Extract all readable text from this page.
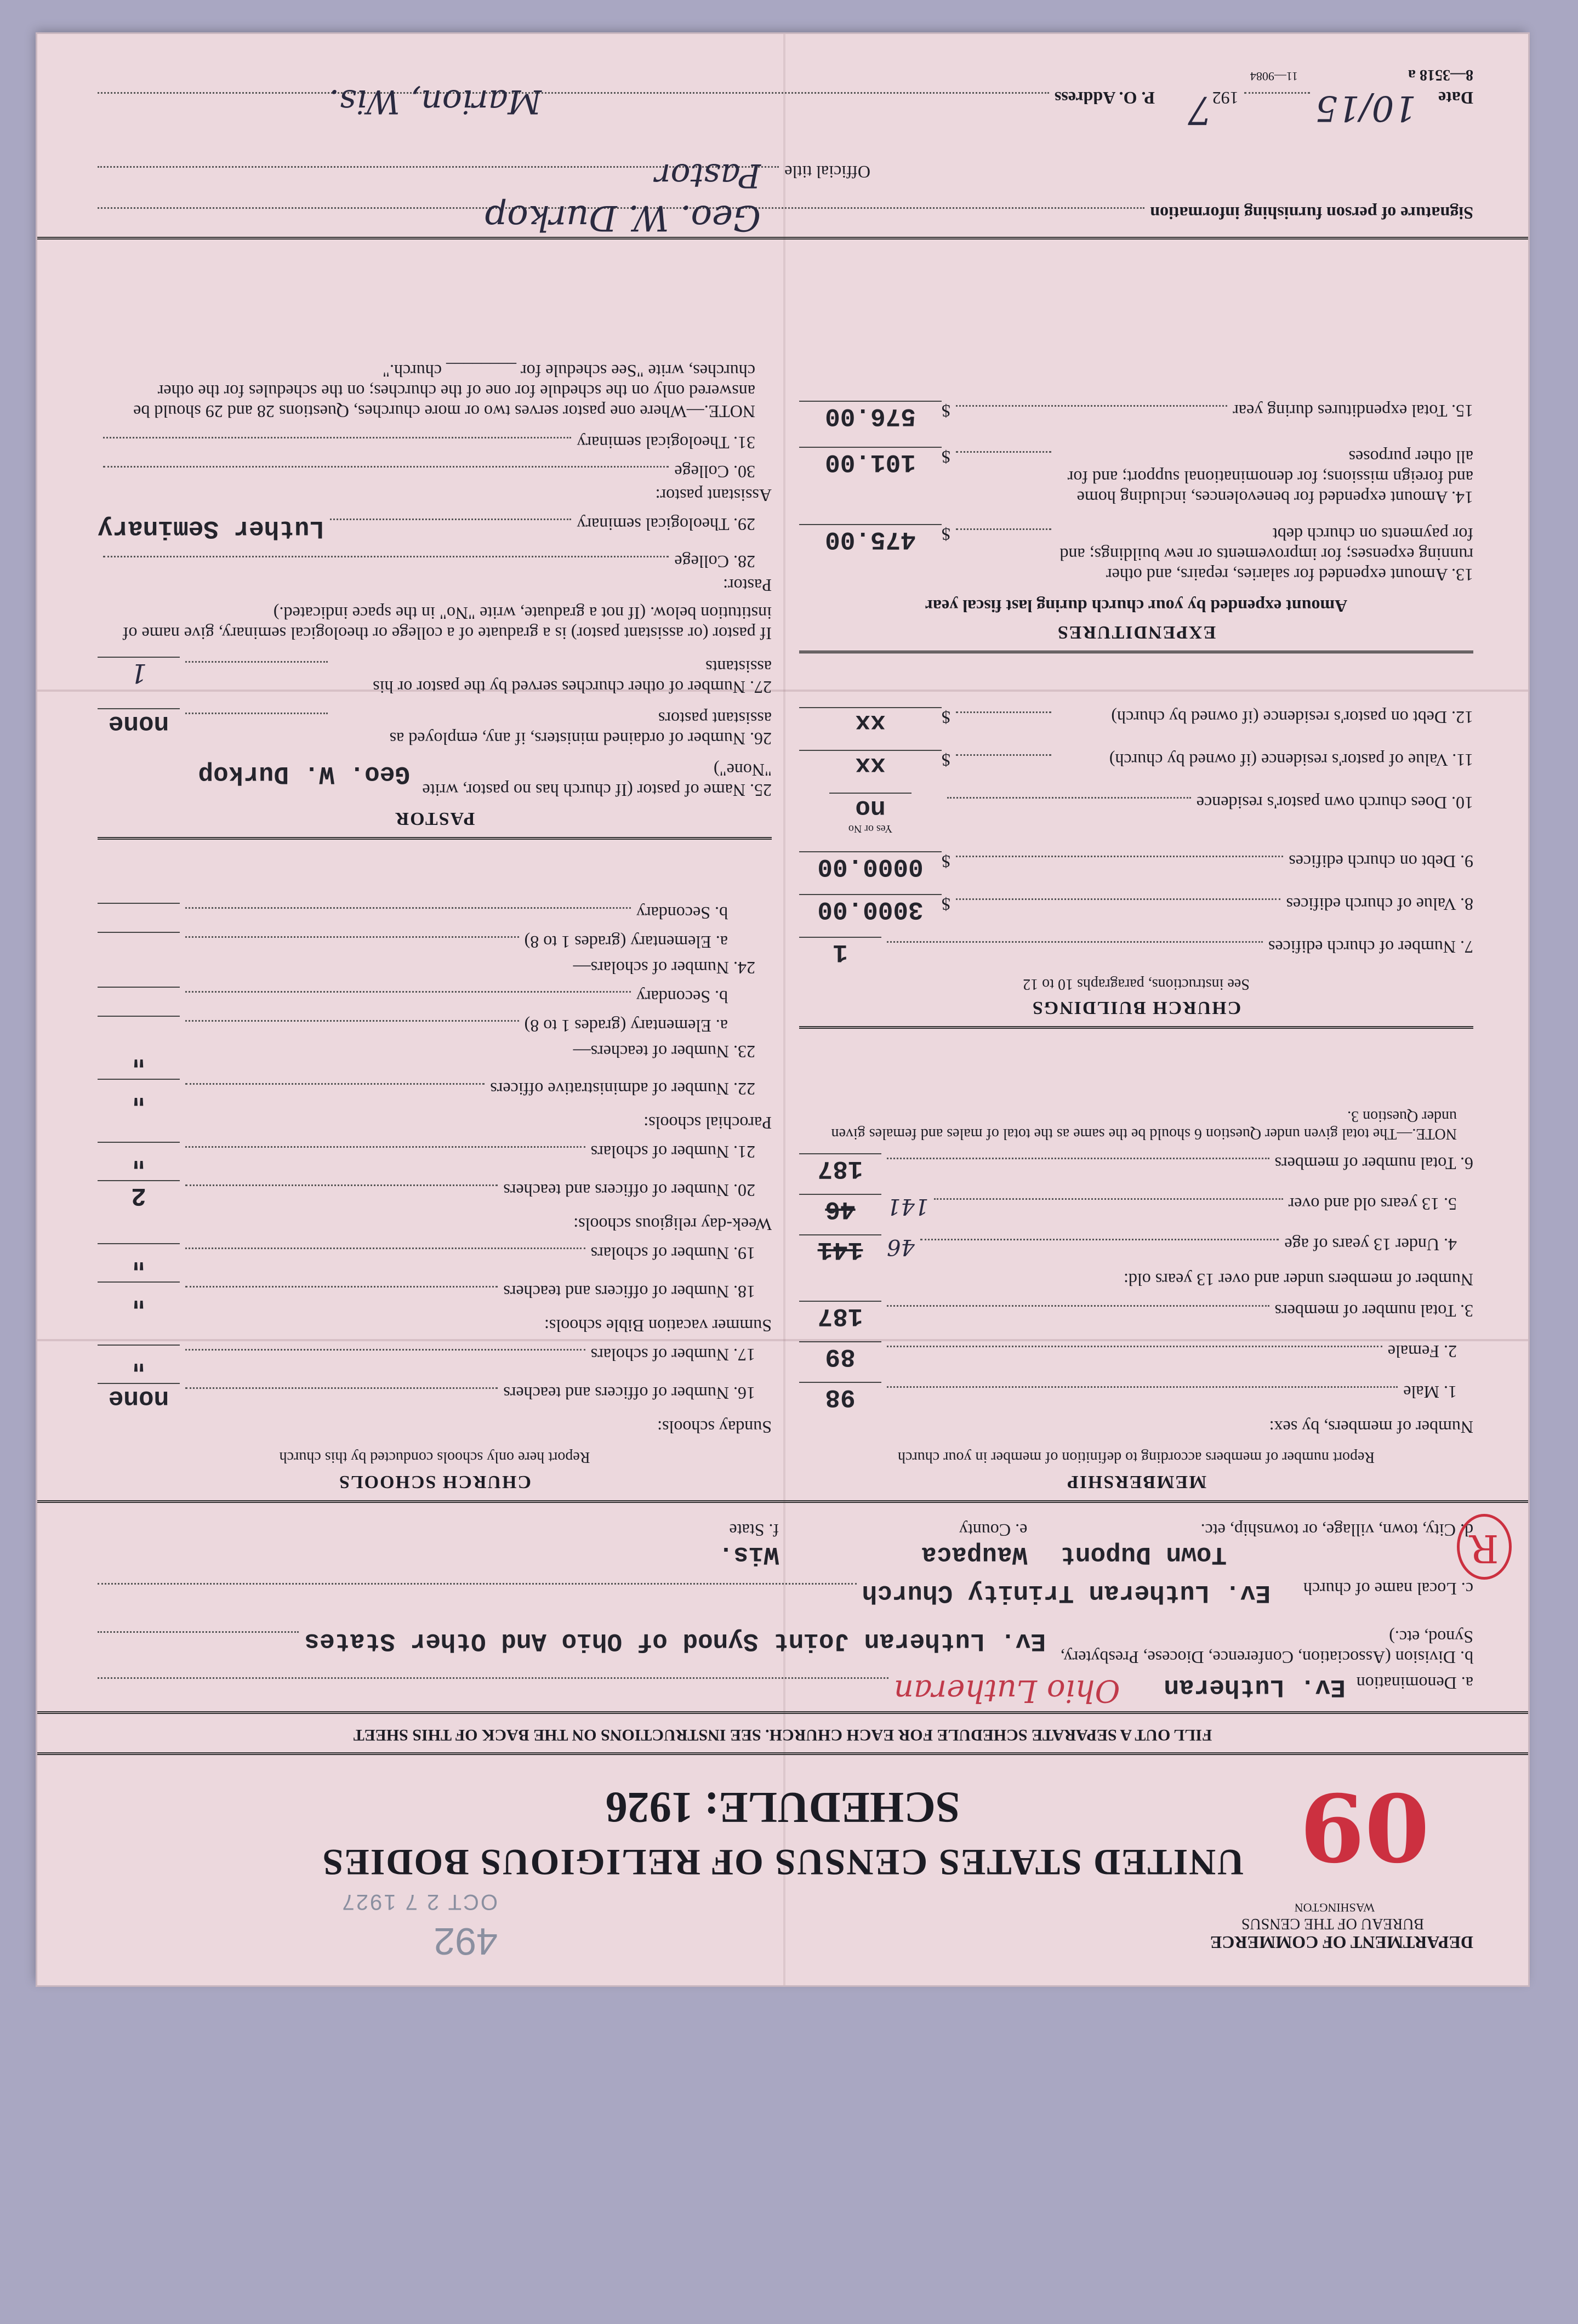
DEPARTMENT OF COMMERCE
BUREAU OF THE CENSUS
WASHINGTON
492
OCT 2 7 1927
UNITED STATES CENSUS OF RELIGIOUS BODIES
SCHEDULE: 1926	09
FILL OUT A SEPARATE SCHEDULE FOR EACH CHURCH. SEE INSTRUCTIONS ON THE BACK OF THIS SHEET
a. Denomination
Ev. Lutheran
Ohio Lutheran
b. Division (Association, Conference, Diocese, Presbytery, Synod, etc.)
Ev. Lutheran Joint Synod of Ohio And Other States
c. Local name of church
Ev. Lutheran Trinity Church
Town Dupont
d. City, town, village, or township, etc.
Waupaca
e. County
Wis.
f. State	R
MEMBERSHIP
Report number of members according to definition of member in your church
Number of members, by sex:
1. Male
98
2. Female
89
3. Total number of members
187
Number of members under and over 13 years old:
4. Under 13 years of age
46
141
5. 13 years old and over
141
46
6. Total number of members
187
NOTE.—The total given under Question 6 should be the same as the total of males and females given under Question 3.
CHURCH BUILDINGS
See instructions, paragraphs 10 to 12
7. Number of church edifices
1
8. Value of church edifices
$
3000.00
9. Debt on church edifices
$
0000.00
10. Does church own pastor's residence
Yes or No
no
11. Value of pastor's residence (if owned by church)
$
xx
12. Debt on pastor's residence (if owned by church)
$
xx
EXPENDITURES
Amount expended by your church during last fiscal year
13. Amount expended for salaries, repairs, and other running expenses; for improvements or new buildings; and for payments on church debt
$
475.00
14. Amount expended for benevolences, including home and foreign missions; for denominational support; and for all other purposes
$
101.00
15. Total expenditures during year
$
576.00
CHURCH SCHOOLS
Report here only schools conducted by this church
Sunday schools:
16. Number of officers and teachers
none
17. Number of scholars
"
Summer vacation Bible schools:
18. Number of officers and teachers
"
19. Number of scholars
"
Week-day religious schools:
20. Number of officers and teachers
2
21. Number of scholars
"
Parochial schools:
22. Number of administrative officers
"
23. Number of teachers—
"
a. Elementary (grades 1 to 8)
b. Secondary
24. Number of scholars—
a. Elementary (grades 1 to 8)
b. Secondary
PASTOR
25. Name of pastor (If church has no pastor, write "None")
Geo. W. Durkop
26. Number of ordained ministers, if any, employed as assistant pastors
none
27. Number of other churches served by the pastor or his assistants
1
If pastor (or assistant pastor) is a graduate of a college or theological seminary, give name of institution below. (If not a graduate, write "No" in the space indicated.)
Pastor:
28. College
29. Theological seminary
Luther Seminary
Assistant pastor:
30. College
31. Theological seminary
NOTE.—Where one pastor serves two or more churches, Questions 28 and 29 should be answered only on the schedule for one of the churches; on the schedules for the other churches, write "See schedule for ________ church."
Signature of person furnishing information
Geo. W. Durkop
Official title
Pastor
Date
10/15
192
7
P. O. Address
Marion, Wis.
8—3518 a
11—9084
